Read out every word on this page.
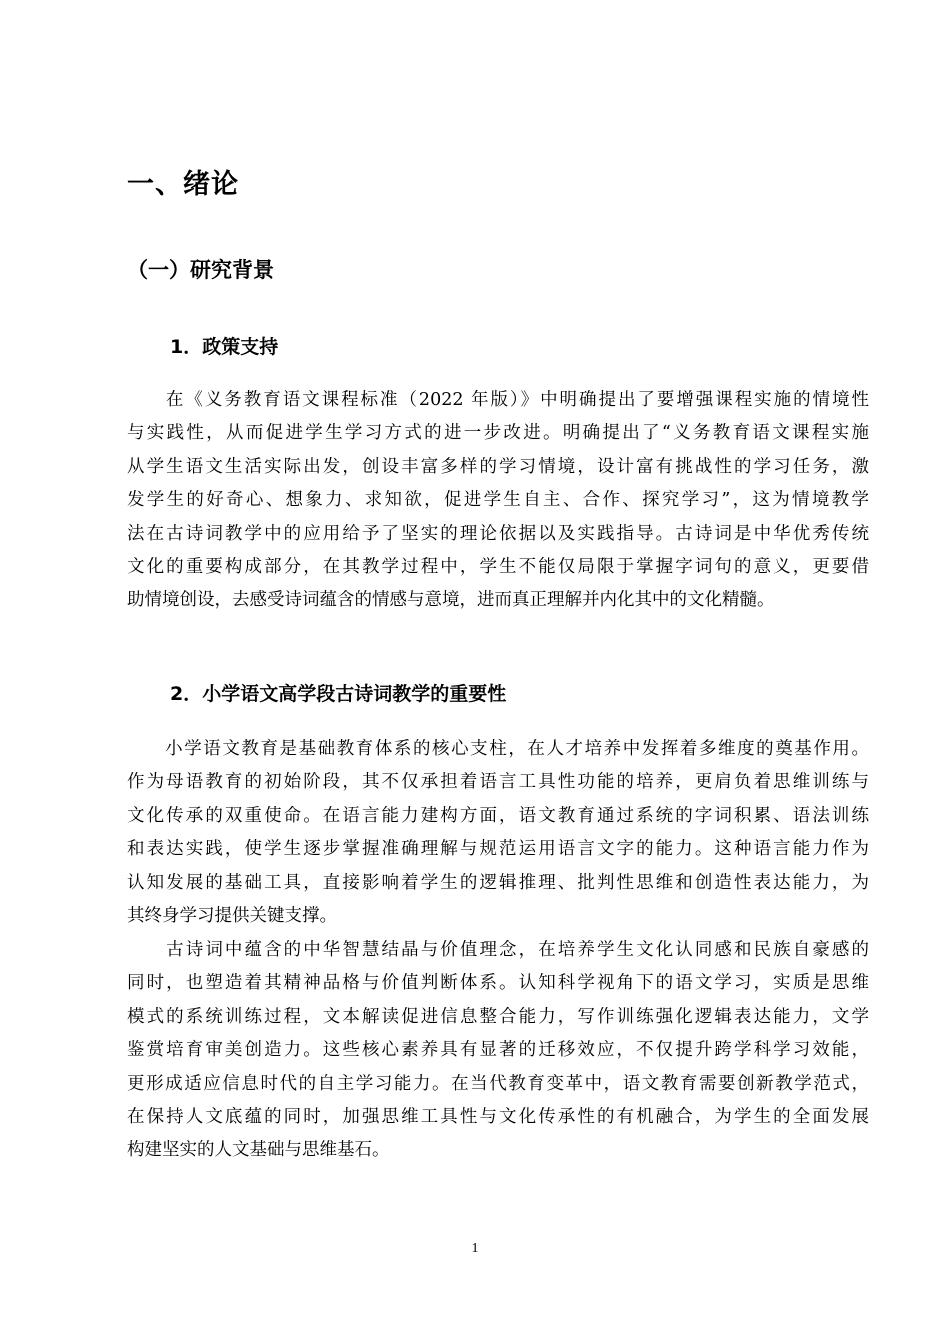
一、绪论
（一）研究背景
1．政策支持
　　在《义务教育语文课程标准（2022 年版）》中明确提出了要增强课程实施的情境性
与实践性，从而促进学生学习方式的进一步改进。明确提出了“义务教育语文课程实施
从学生语文生活实际出发，创设丰富多样的学习情境，设计富有挑战性的学习任务，激
发学生的好奇心、想象力、求知欲，促进学生自主、合作、探究学习”，这为情境教学
法在古诗词教学中的应用给予了坚实的理论依据以及实践指导。古诗词是中华优秀传统
文化的重要构成部分，在其教学过程中，学生不能仅局限于掌握字词句的意义，更要借
助情境创设，去感受诗词蕴含的情感与意境，进而真正理解并内化其中的文化精髓。
2．小学语文高学段古诗词教学的重要性
　　小学语文教育是基础教育体系的核心支柱，在人才培养中发挥着多维度的奠基作用。
作为母语教育的初始阶段，其不仅承担着语言工具性功能的培养，更肩负着思维训练与
文化传承的双重使命。在语言能力建构方面，语文教育通过系统的字词积累、语法训练
和表达实践，使学生逐步掌握准确理解与规范运用语言文字的能力。这种语言能力作为
认知发展的基础工具，直接影响着学生的逻辑推理、批判性思维和创造性表达能力，为
其终身学习提供关键支撑。
　　古诗词中蕴含的中华智慧结晶与价值理念，在培养学生文化认同感和民族自豪感的
同时，也塑造着其精神品格与价值判断体系。认知科学视角下的语文学习，实质是思维
模式的系统训练过程，文本解读促进信息整合能力，写作训练强化逻辑表达能力，文学
鉴赏培育审美创造力。这些核心素养具有显著的迁移效应，不仅提升跨学科学习效能，
更形成适应信息时代的自主学习能力。在当代教育变革中，语文教育需要创新教学范式，
在保持人文底蕴的同时，加强思维工具性与文化传承性的有机融合，为学生的全面发展
构建坚实的人文基础与思维基石。
1
